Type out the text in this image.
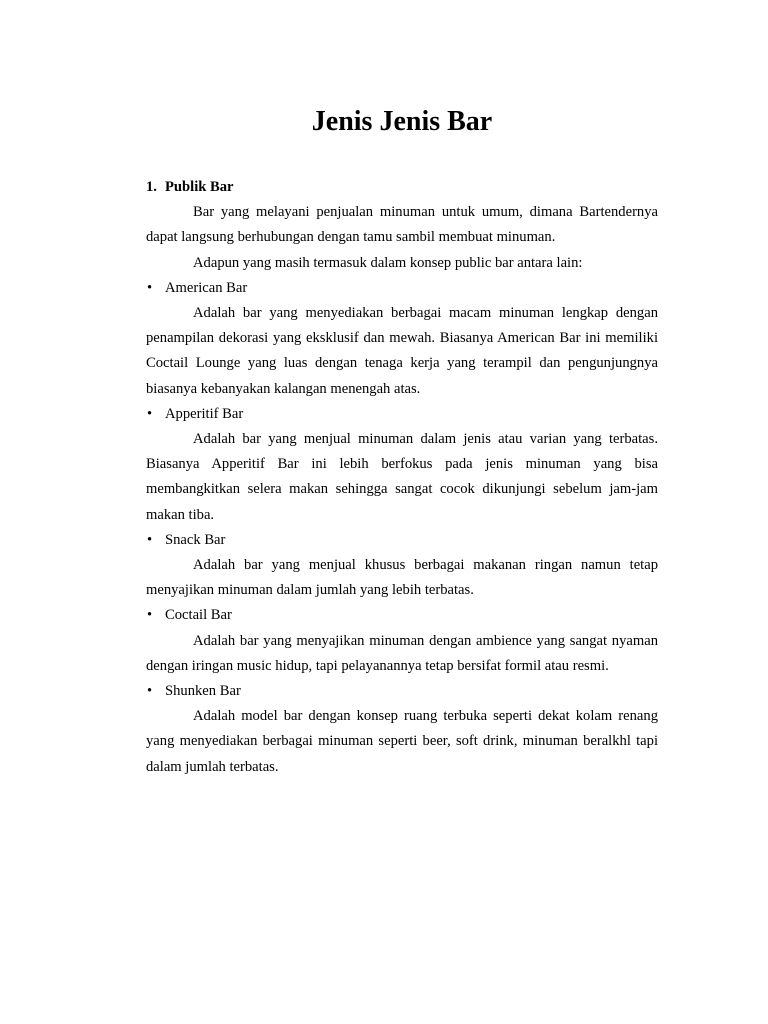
Jenis Jenis Bar

1. Publik Bar

Bar yang melayani penjualan minuman untuk umum, dimana Bartendernya dapat langsung berhubungan dengan tamu sambil membuat minuman.

Adapun yang masih termasuk dalam konsep public bar antara lain:

• American Bar

Adalah bar yang menyediakan berbagai macam minuman lengkap dengan penampilan dekorasi yang eksklusif dan mewah. Biasanya American Bar ini memiliki Coctail Lounge yang luas dengan tenaga kerja yang terampil dan pengunjungnya biasanya kebanyakan kalangan menengah atas.

• Apperitif Bar

Adalah bar yang menjual minuman dalam jenis atau varian yang terbatas. Biasanya Apperitif Bar ini lebih berfokus pada jenis minuman yang bisa membangkitkan selera makan sehingga sangat cocok dikunjungi sebelum jam-jam makan tiba.

• Snack Bar

Adalah bar yang menjual khusus berbagai makanan ringan namun tetap menyajikan minuman dalam jumlah yang lebih terbatas.

• Coctail Bar

Adalah bar yang menyajikan minuman dengan ambience yang sangat nyaman dengan iringan music hidup, tapi pelayanannya tetap bersifat formil atau resmi.

• Shunken Bar

Adalah model bar dengan konsep ruang terbuka seperti dekat kolam renang yang menyediakan berbagai minuman seperti beer, soft drink, minuman beralkhl tapi dalam jumlah terbatas.
